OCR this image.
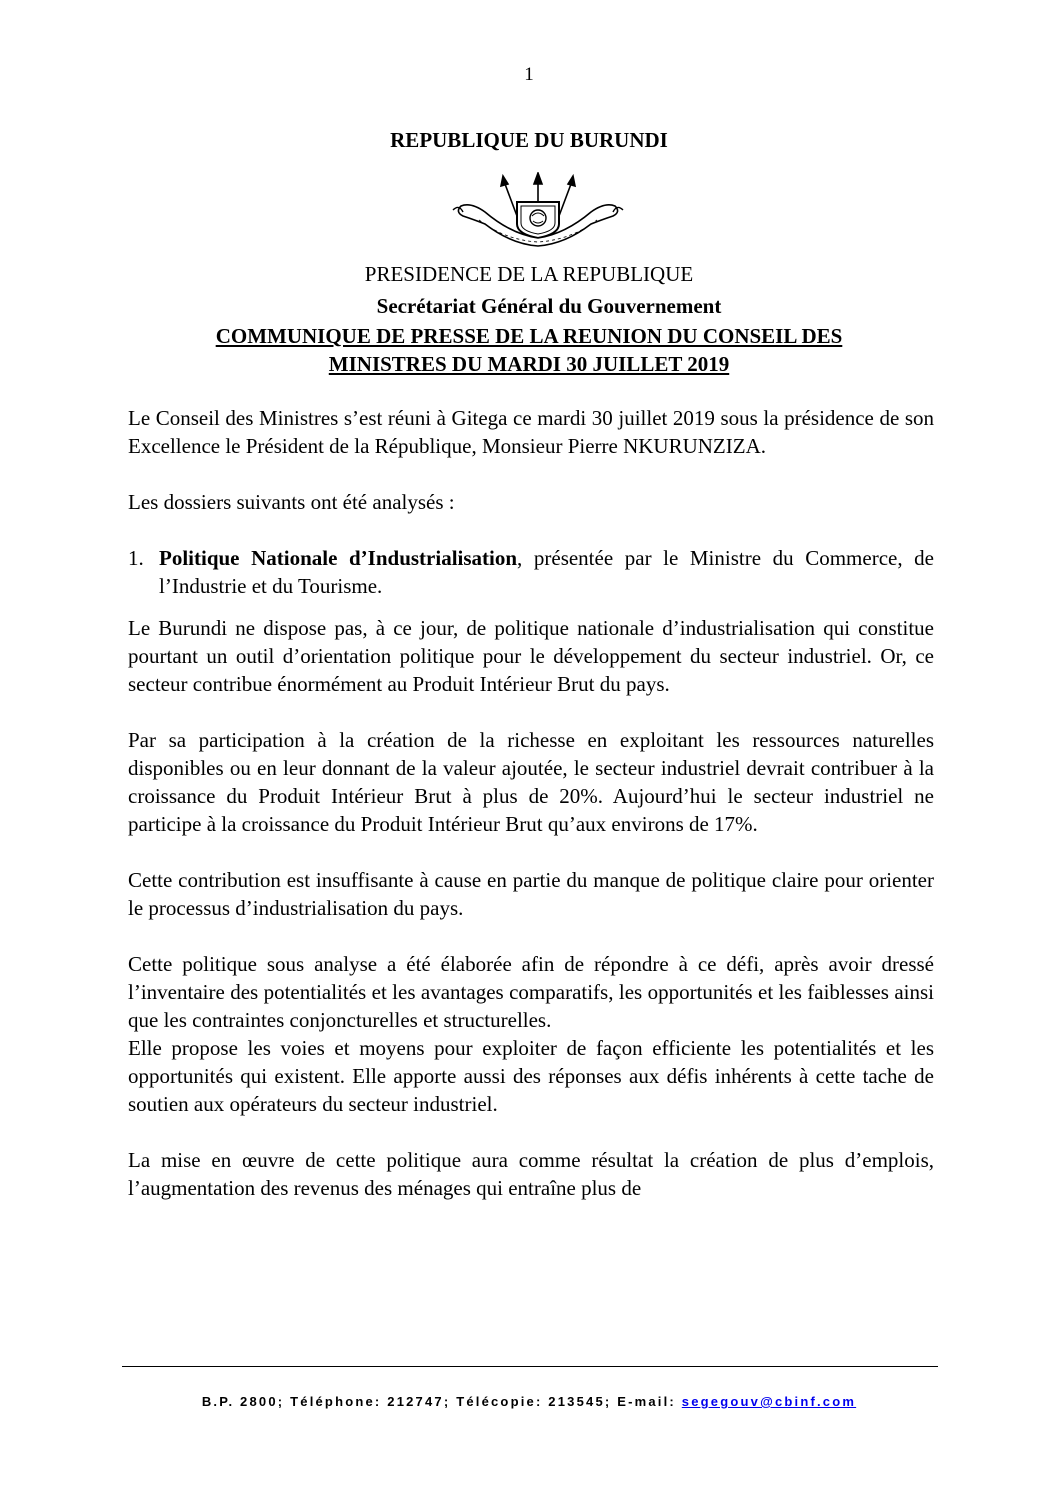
1
REPUBLIQUE DU BURUNDI
PRESIDENCE DE LA REPUBLIQUE
Secrétariat Général du Gouvernement
COMMUNIQUE DE PRESSE DE LA REUNION DU CONSEIL DES
MINISTRES DU MARDI 30 JUILLET 2019

Le Conseil des Ministres s’est réuni à Gitega ce mardi 30 juillet 2019 sous la présidence de son Excellence le Président de la République, Monsieur Pierre NKURUNZIZA.

Les dossiers suivants ont été analysés :

1. Politique Nationale d’Industrialisation, présentée par le Ministre du Commerce, de l’Industrie et du Tourisme.

Le Burundi ne dispose pas, à ce jour, de politique nationale d’industrialisation qui constitue pourtant un outil d’orientation politique pour le développement du secteur industriel. Or, ce secteur contribue énormément au Produit Intérieur Brut du pays.

Par sa participation à la création de la richesse en exploitant les ressources naturelles disponibles ou en leur donnant de la valeur ajoutée, le secteur industriel devrait contribuer à la croissance du Produit Intérieur Brut à plus de 20%. Aujourd’hui le secteur industriel ne participe à la croissance du Produit Intérieur Brut qu’aux environs de 17%.

Cette contribution est insuffisante à cause en partie du manque de politique claire pour orienter le processus d’industrialisation du pays.

Cette politique sous analyse a été élaborée afin de répondre à ce défi, après avoir dressé l’inventaire des potentialités et les avantages comparatifs, les opportunités et les faiblesses ainsi que les contraintes conjoncturelles et structurelles.

Elle propose les voies et moyens pour exploiter de façon efficiente les potentialités et les opportunités qui existent. Elle apporte aussi des réponses aux défis inhérents à cette tache de soutien aux opérateurs du secteur industriel.

La mise en œuvre de cette politique aura comme résultat la création de plus d’emplois, l’augmentation des revenus des ménages qui entraîne plus de

B.P. 2800; Téléphone: 212747; Télécopie: 213545; E-mail: segegouv@cbinf.com
